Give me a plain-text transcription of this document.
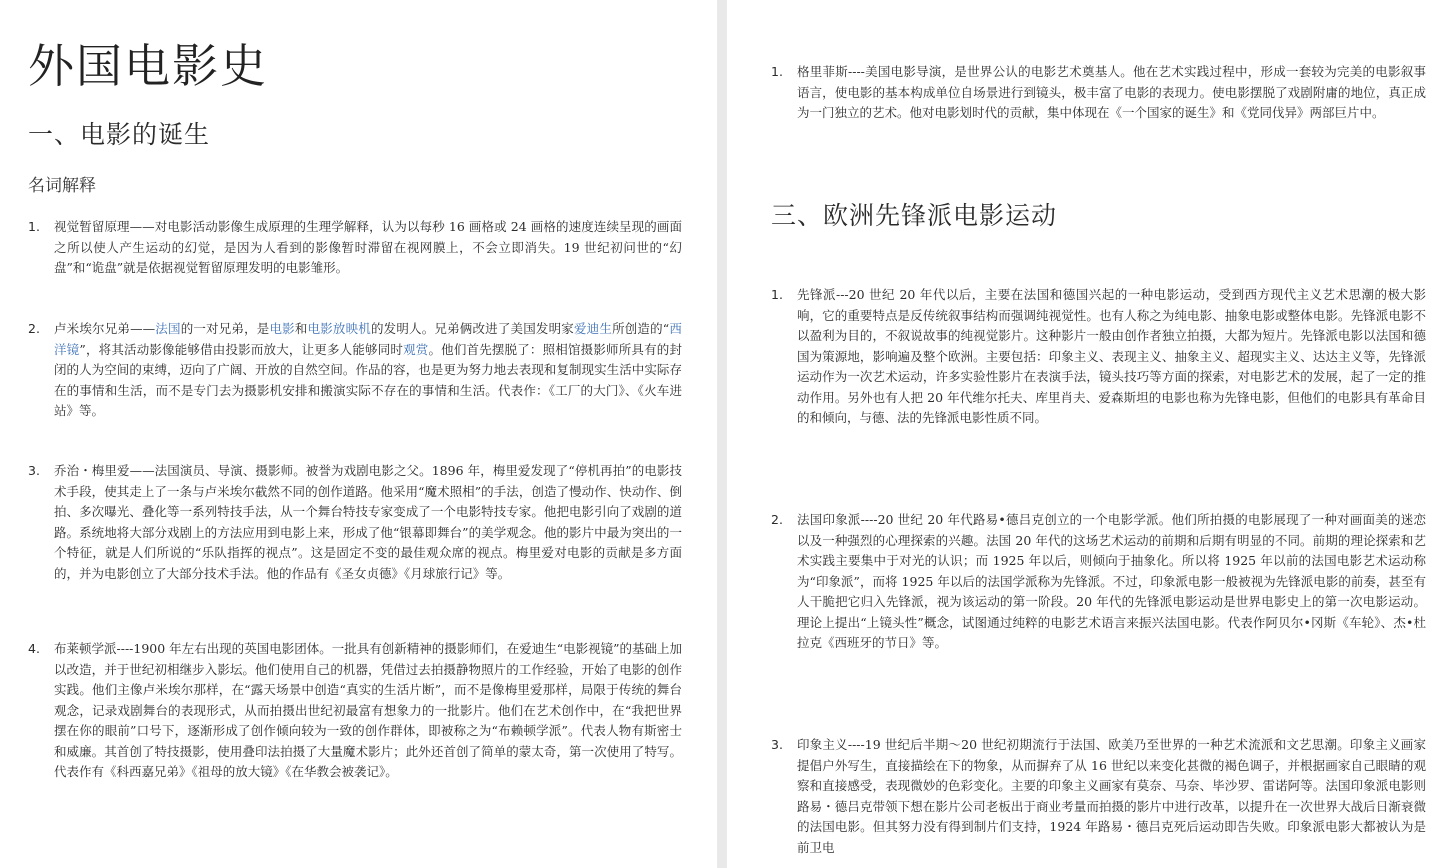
外国电影史
一、电影的诞生
名词解释
1.	视觉暂留原理——对电影活动影像生成原理的生理学解释，认为以每秒 16 画格或 24 画格的速度连续呈现的画面之所以使人产生运动的幻觉，是因为人看到的影像暂时滞留在视网膜上，不会立即消失。19 世纪初问世的“幻盘”和“诡盘”就是依据视觉暂留原理发明的电影雏形。
2.	卢米埃尔兄弟——法国的一对兄弟，是电影和电影放映机的发明人。兄弟俩改进了美国发明家爱迪生所创造的“西洋镜”，将其活动影像能够借由投影而放大，让更多人能够同时观赏。他们首先摆脱了：照相馆摄影师所具有的封闭的人为空间的束缚，迈向了广阔、开放的自然空间。作品的容，也是更为努力地去表现和复制现实生活中实际存在的事情和生活，而不是专门去为摄影机安排和搬演实际不存在的事情和生活。代表作：《工厂的大门》、《火车进站》等。
3.	乔治・梅里爱——法国演员、导演、摄影师。被誉为戏剧电影之父。1896 年，梅里爱发现了“停机再拍”的电影技术手段，使其走上了一条与卢米埃尔截然不同的创作道路。他采用“魔术照相”的手法，创造了慢动作、快动作、倒拍、多次曝光、叠化等一系列特技手法，从一个舞台特技专家变成了一个电影特技专家。他把电影引向了戏剧的道路。系统地将大部分戏剧上的方法应用到电影上来，形成了他“银幕即舞台”的美学观念。他的影片中最为突出的一个特征，就是人们所说的“乐队指挥的视点”。这是固定不变的最佳观众席的视点。梅里爱对电影的贡献是多方面的，并为电影创立了大部分技术手法。他的作品有《圣女贞德》《月球旅行记》等。
4.	布莱顿学派----1900 年左右出现的英国电影团体。一批具有创新精神的摄影师们，在爱迪生“电影视镜”的基础上加以改造，并于世纪初相继步入影坛。他们使用自己的机器，凭借过去拍摄静物照片的工作经验，开始了电影的创作实践。他们主像卢米埃尔那样，在“露天场景中创造“真实的生活片断”，而不是像梅里爱那样，局限于传统的舞台观念，记录戏剧舞台的表现形式，从而拍摄出世纪初最富有想象力的一批影片。他们在艺术创作中，在“我把世界摆在你的眼前”口号下，逐渐形成了创作倾向较为一致的创作群体，即被称之为“布赖顿学派”。代表人物有斯密士和威廉。其首创了特技摄影，使用叠印法拍摄了大量魔术影片；此外还首创了简单的蒙太奇，第一次使用了特写。代表作有《科西嘉兄弟》《祖母的放大镜》《在华教会被袭记》。
1.	格里菲斯----美国电影导演，是世界公认的电影艺术奠基人。他在艺术实践过程中，形成一套较为完美的电影叙事语言，使电影的基本构成单位自场景进行到镜头，极丰富了电影的表现力。使电影摆脱了戏剧附庸的地位，真正成为一门独立的艺术。他对电影划时代的贡献，集中体现在《一个国家的诞生》和《党同伐异》两部巨片中。
三、欧洲先锋派电影运动
1.	先锋派---20 世纪 20 年代以后，主要在法国和德国兴起的一种电影运动，受到西方现代主义艺术思潮的极大影响，它的重要特点是反传统叙事结构而强调纯视觉性。也有人称之为纯电影、抽象电影或整体电影。先锋派电影不以盈利为目的，不叙说故事的纯视觉影片。这种影片一般由创作者独立拍摄，大都为短片。先锋派电影以法国和德国为策源地，影响遍及整个欧洲。主要包括：印象主义、表现主义、抽象主义、超现实主义、达达主义等，先锋派运动作为一次艺术运动，许多实验性影片在表演手法，镜头技巧等方面的探索，对电影艺术的发展，起了一定的推动作用。另外也有人把 20 年代维尔托夫、库里肖夫、爱森斯坦的电影也称为先锋电影，但他们的电影具有革命目的和倾向，与德、法的先锋派电影性质不同。
2.	法国印象派----20 世纪 20 年代路易•德吕克创立的一个电影学派。他们所拍摄的电影展现了一种对画面美的迷恋以及一种强烈的心理探索的兴趣。法国 20 年代的这场艺术运动的前期和后期有明显的不同。前期的理论探索和艺术实践主要集中于对光的认识；而 1925 年以后，则倾向于抽象化。所以将 1925 年以前的法国电影艺术运动称为“印象派”，而将 1925 年以后的法国学派称为先锋派。不过，印象派电影一般被视为先锋派电影的前奏，甚至有人干脆把它归入先锋派，视为该运动的第一阶段。20 年代的先锋派电影运动是世界电影史上的第一次电影运动。理论上提出“上镜头性”概念，试图通过纯粹的电影艺术语言来振兴法国电影。代表作阿贝尔•冈斯《车轮》、杰•杜拉克《西班牙的节日》等。
3.	印象主义----19 世纪后半期～20 世纪初期流行于法国、欧美乃至世界的一种艺术流派和文艺思潮。印象主义画家提倡户外写生，直接描绘在下的物象，从而摒弃了从 16 世纪以来变化甚微的褐色调子，并根据画家自己眼睛的观察和直接感受，表现微妙的色彩变化。主要的印象主义画家有莫奈、马奈、毕沙罗、雷诺阿等。法国印象派电影则路易・德吕克带领下想在影片公司老板出于商业考量而拍摄的影片中进行改革，以提升在一次世界大战后日渐衰微的法国电影。但其努力没有得到制片们支持，1924 年路易・德吕克死后运动即告失败。印象派电影大都被认为是前卫电
